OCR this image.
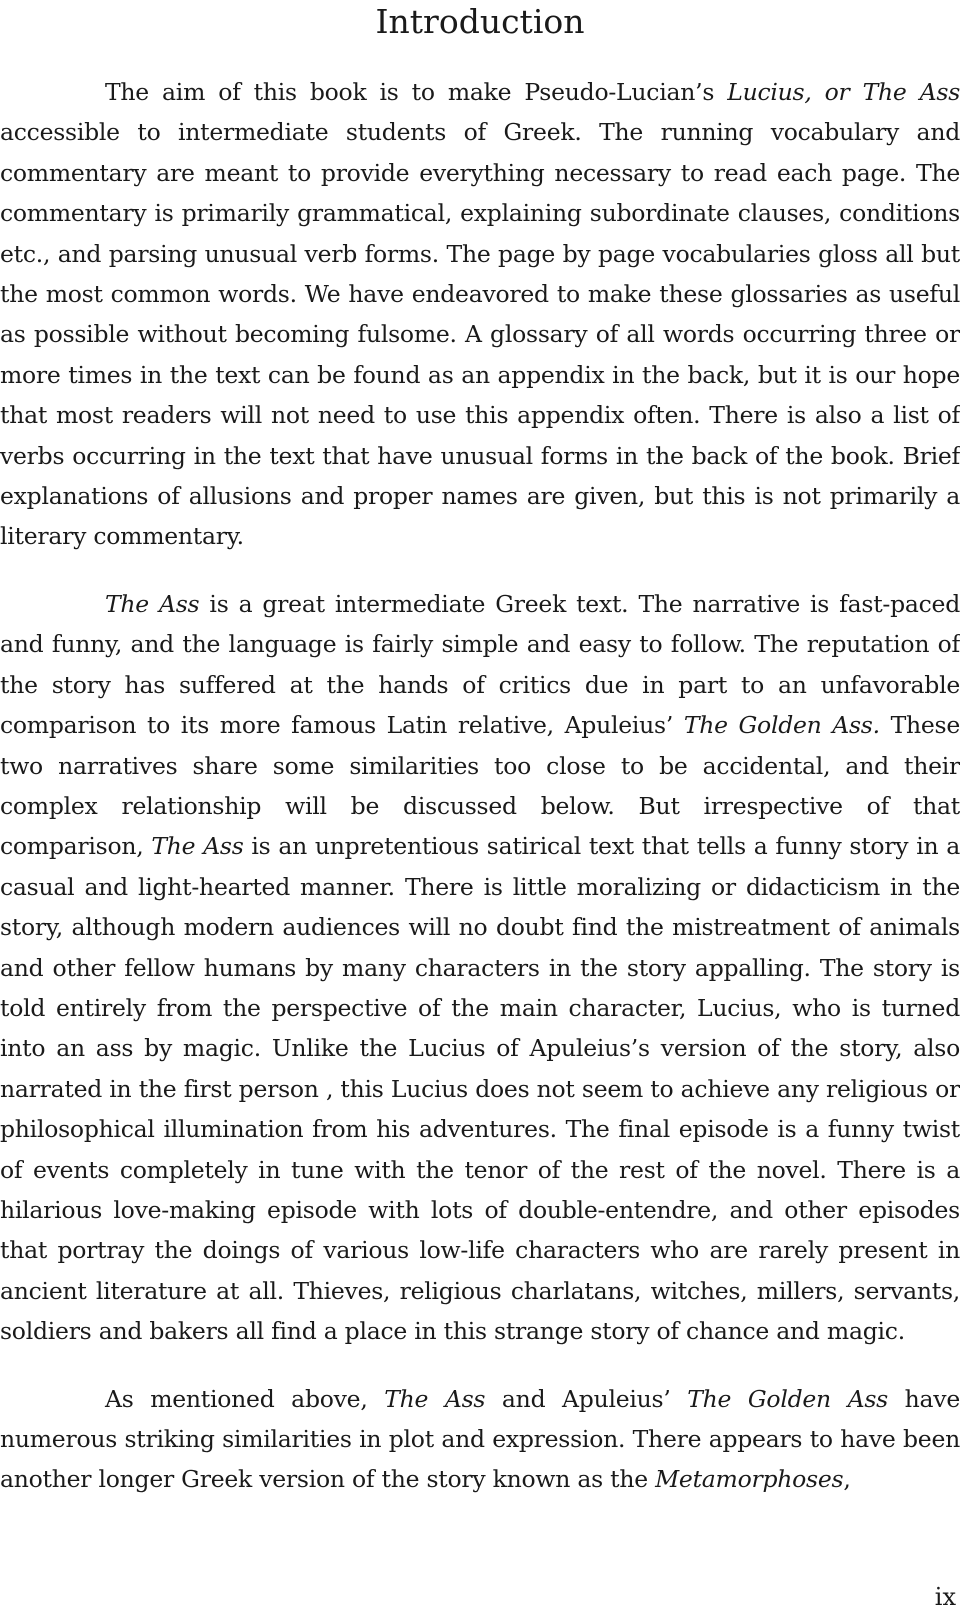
Introduction

The aim of this book is to make Pseudo-Lucian’s Lucius, or The Ass accessible to intermediate students of Greek. The running vocabulary and commentary are meant to provide everything necessary to read each page. The commentary is primarily grammatical, explaining subordinate clauses, conditions etc., and parsing unusual verb forms. The page by page vocabularies gloss all but the most common words. We have endeavored to make these glossaries as useful as possible without becoming fulsome. A glossary of all words occurring three or more times in the text can be found as an appendix in the back, but it is our hope that most readers will not need to use this appendix often. There is also a list of verbs occurring in the text that have unusual forms in the back of the book. Brief explanations of allusions and proper names are given, but this is not primarily a literary commentary.

The Ass is a great intermediate Greek text. The narrative is fast-paced and funny, and the language is fairly simple and easy to follow. The reputation of the story has suffered at the hands of critics due in part to an unfavorable comparison to its more famous Latin relative, Apuleius’ The Golden Ass. These two narratives share some similarities too close to be accidental, and their complex relationship will be discussed below. But irrespective of that comparison, The Ass is an unpretentious satirical text that tells a funny story in a casual and light-hearted manner. There is little moralizing or didacticism in the story, although modern audiences will no doubt find the mistreatment of animals and other fellow humans by many characters in the story appalling. The story is told entirely from the perspective of the main character, Lucius, who is turned into an ass by magic. Unlike the Lucius of Apuleius’s version of the story, also narrated in the first person , this Lucius does not seem to achieve any religious or philosophical illumination from his adventures. The final episode is a funny twist of events completely in tune with the tenor of the rest of the novel. There is a hilarious love-making episode with lots of double-entendre, and other episodes that portray the doings of various low-life characters who are rarely present in ancient literature at all. Thieves, religious charlatans, witches, millers, servants, soldiers and bakers all find a place in this strange story of chance and magic.

As mentioned above, The Ass and Apuleius’ The Golden Ass have numerous striking similarities in plot and expression. There appears to have been another longer Greek version of the story known as the Metamorphoses,

ix
